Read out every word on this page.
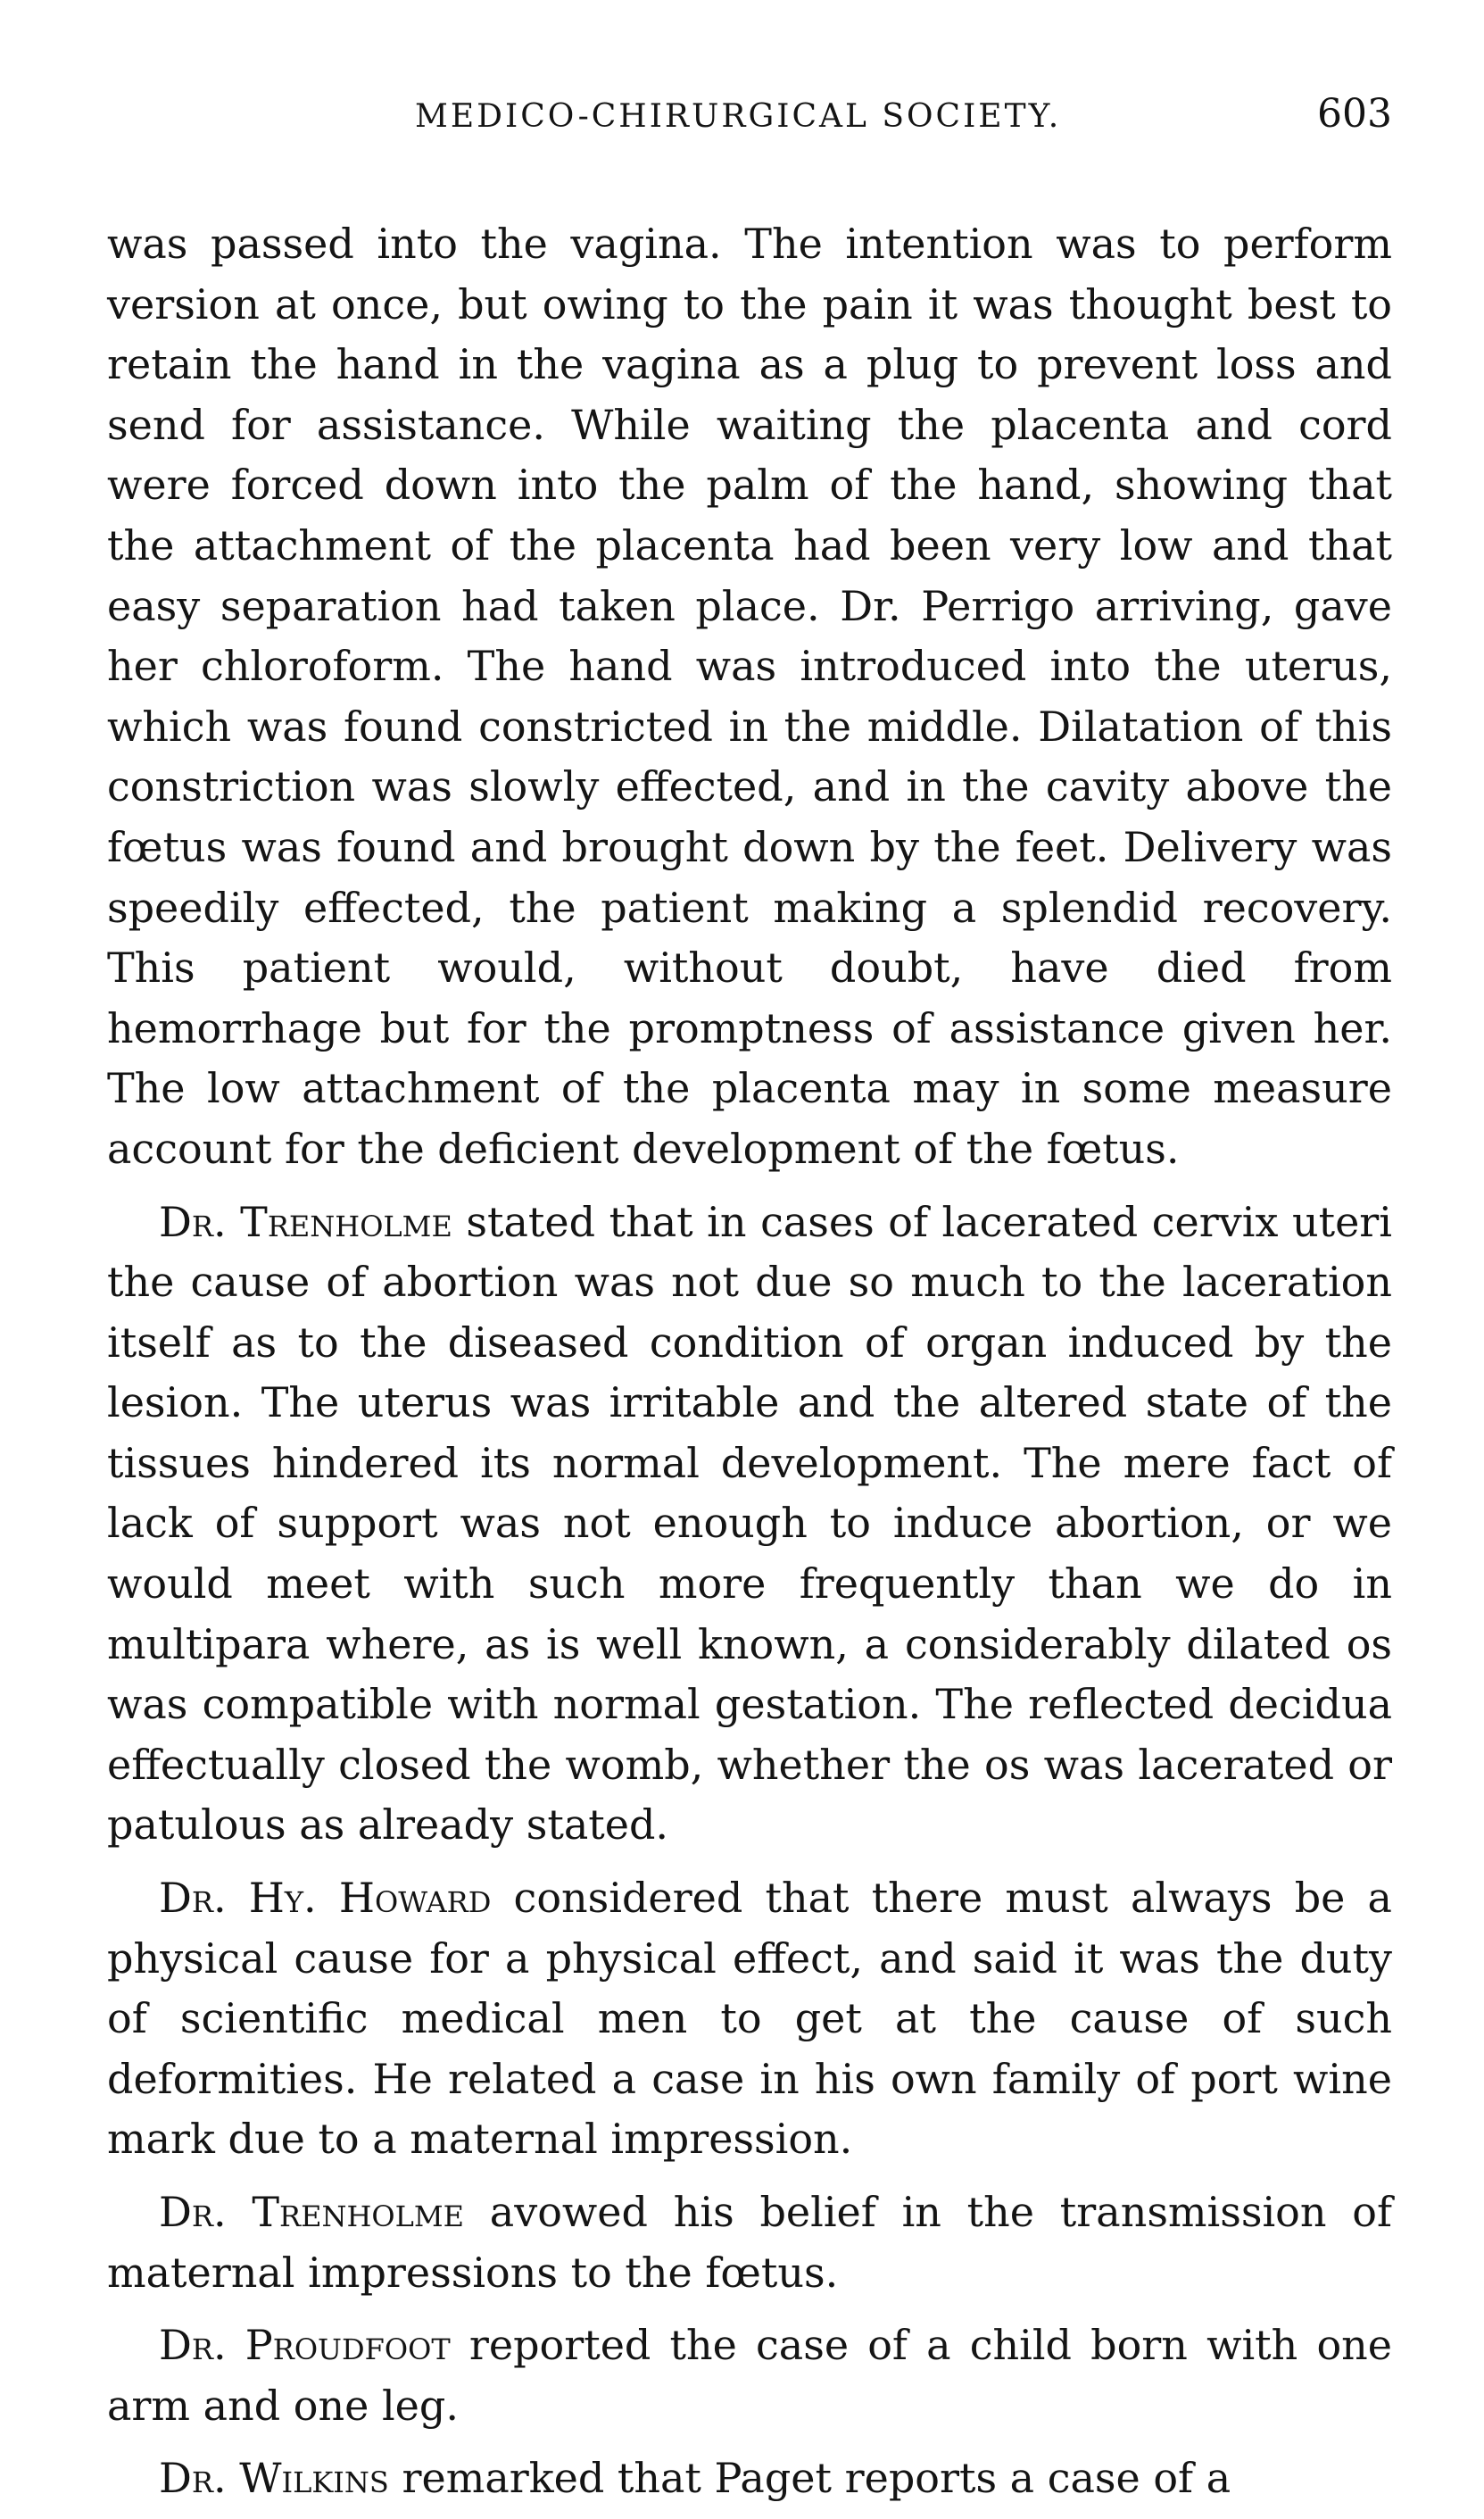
MEDICO-CHIRURGICAL SOCIETY.	603

was passed into the vagina. The intention was to perform version at once, but owing to the pain it was thought best to retain the hand in the vagina as a plug to prevent loss and send for assistance. While waiting the placenta and cord were forced down into the palm of the hand, showing that the attachment of the placenta had been very low and that easy separation had taken place. Dr. Perrigo arriving, gave her chloroform. The hand was introduced into the uterus, which was found constricted in the middle. Dilatation of this constriction was slowly effected, and in the cavity above the fœtus was found and brought down by the feet. Delivery was speedily effected, the patient making a splendid recovery. This patient would, without doubt, have died from hemorrhage but for the promptness of assistance given her. The low attachment of the placenta may in some measure account for the deficient development of the fœtus.

Dr. Trenholme stated that in cases of lacerated cervix uteri the cause of abortion was not due so much to the laceration itself as to the diseased condition of organ induced by the lesion. The uterus was irritable and the altered state of the tissues hindered its normal development. The mere fact of lack of support was not enough to induce abortion, or we would meet with such more frequently than we do in multipara where, as is well known, a considerably dilated os was compatible with normal gestation. The reflected decidua effectually closed the womb, whether the os was lacerated or patulous as already stated.

Dr. Hy. Howard considered that there must always be a physical cause for a physical effect, and said it was the duty of scientific medical men to get at the cause of such deformities. He related a case in his own family of port wine mark due to a maternal impression.

Dr. Trenholme avowed his belief in the transmission of maternal impressions to the fœtus.

Dr. Proudfoot reported the case of a child born with one arm and one leg.

Dr. Wilkins remarked that Paget reports a case of a
